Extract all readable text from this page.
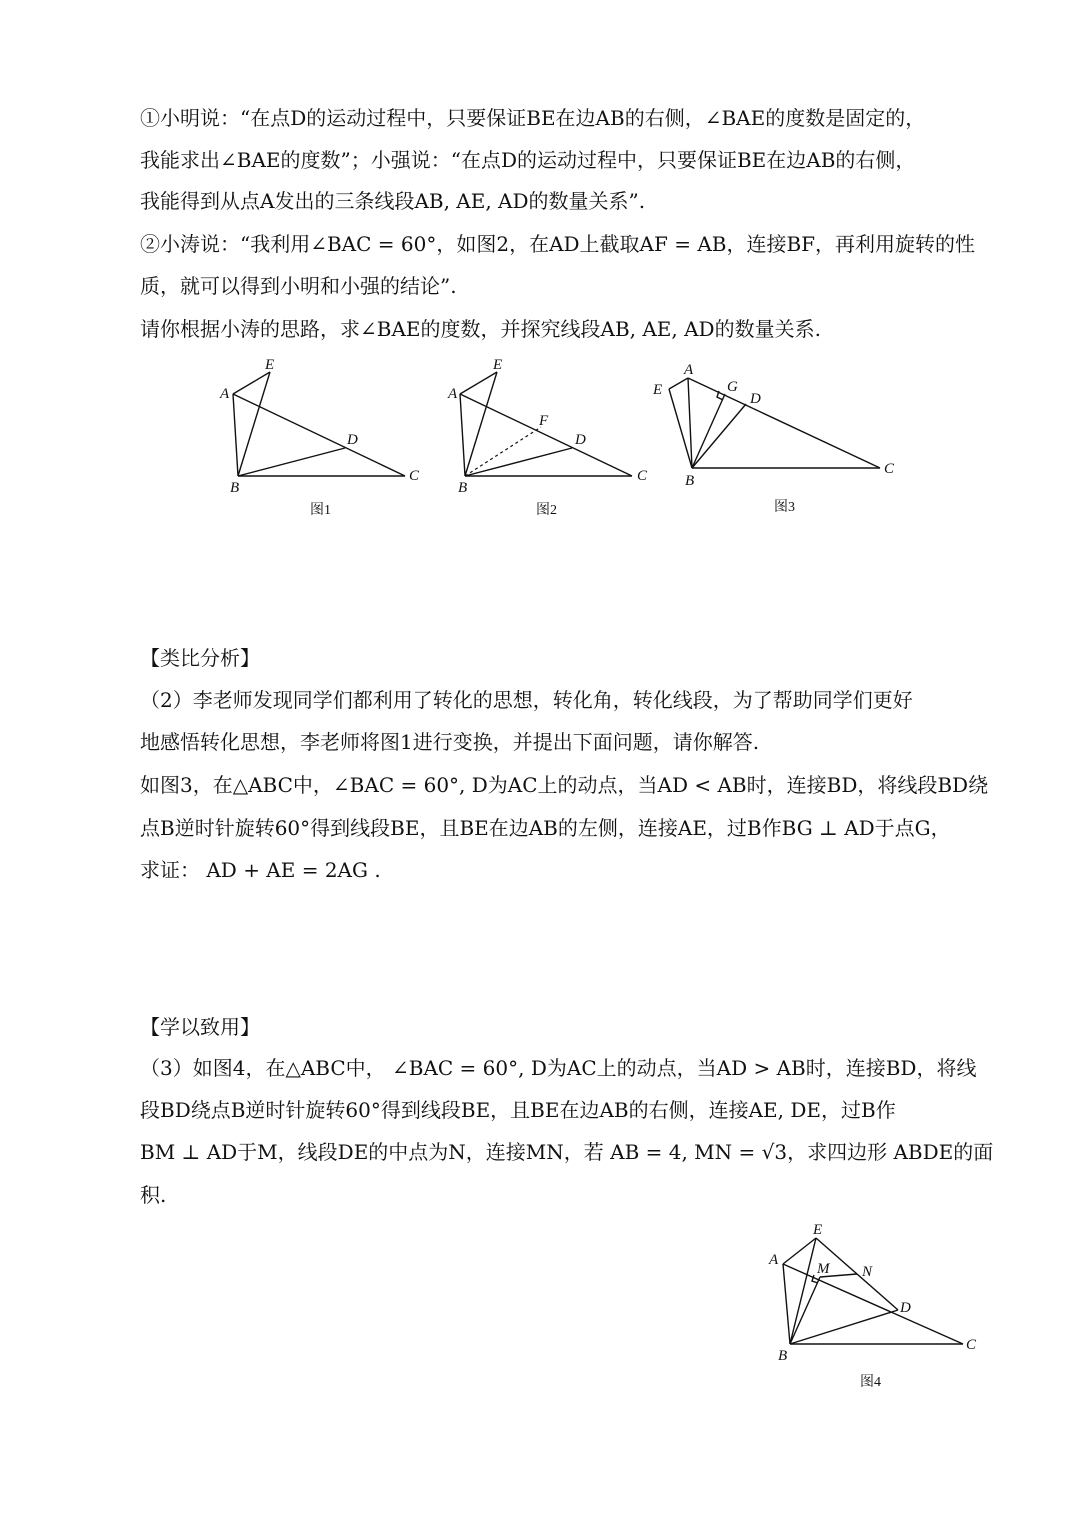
①小明说：“在点D的运动过程中，只要保证BE在边AB的右侧，∠BAE的度数是固定的，
我能求出∠BAE的度数”；小强说：“在点D的运动过程中，只要保证BE在边AB的右侧，
我能得到从点A发出的三条线段AB, AE, AD的数量关系”.
②小涛说：“我利用∠BAC = 60°，如图2，在AD上截取AF = AB，连接BF，再利用旋转的性
质，就可以得到小明和小强的结论”.
请你根据小涛的思路，求∠BAE的度数，并探究线段AB, AE, AD的数量关系.
E
A
D
B
C
图1
E
A
F
D
B
C
图2
A
E	G
D
B
C
图3
【类比分析】
（2）李老师发现同学们都利用了转化的思想，转化角，转化线段，为了帮助同学们更好
地感悟转化思想，李老师将图1进行变换，并提出下面问题，请你解答.
如图3，在△ABC中，∠BAC = 60°, D为AC上的动点，当AD < AB时，连接BD，将线段BD绕
点B逆时针旋转60°得到线段BE，且BE在边AB的左侧，连接AE，过B作BG ⊥ AD于点G，
求证： AD + AE = 2AG .
【学以致用】
（3）如图4，在△ABC中， ∠BAC = 60°, D为AC上的动点，当AD > AB时，连接BD，将线
段BD绕点B逆时针旋转60°得到线段BE，且BE在边AB的右侧，连接AE, DE，过B作
BM ⊥ AD于M，线段DE的中点为N，连接MN，若 AB = 4, MN = √3，求四边形 ABDE的面
积.
E
A
M N
D
B
C
图4
